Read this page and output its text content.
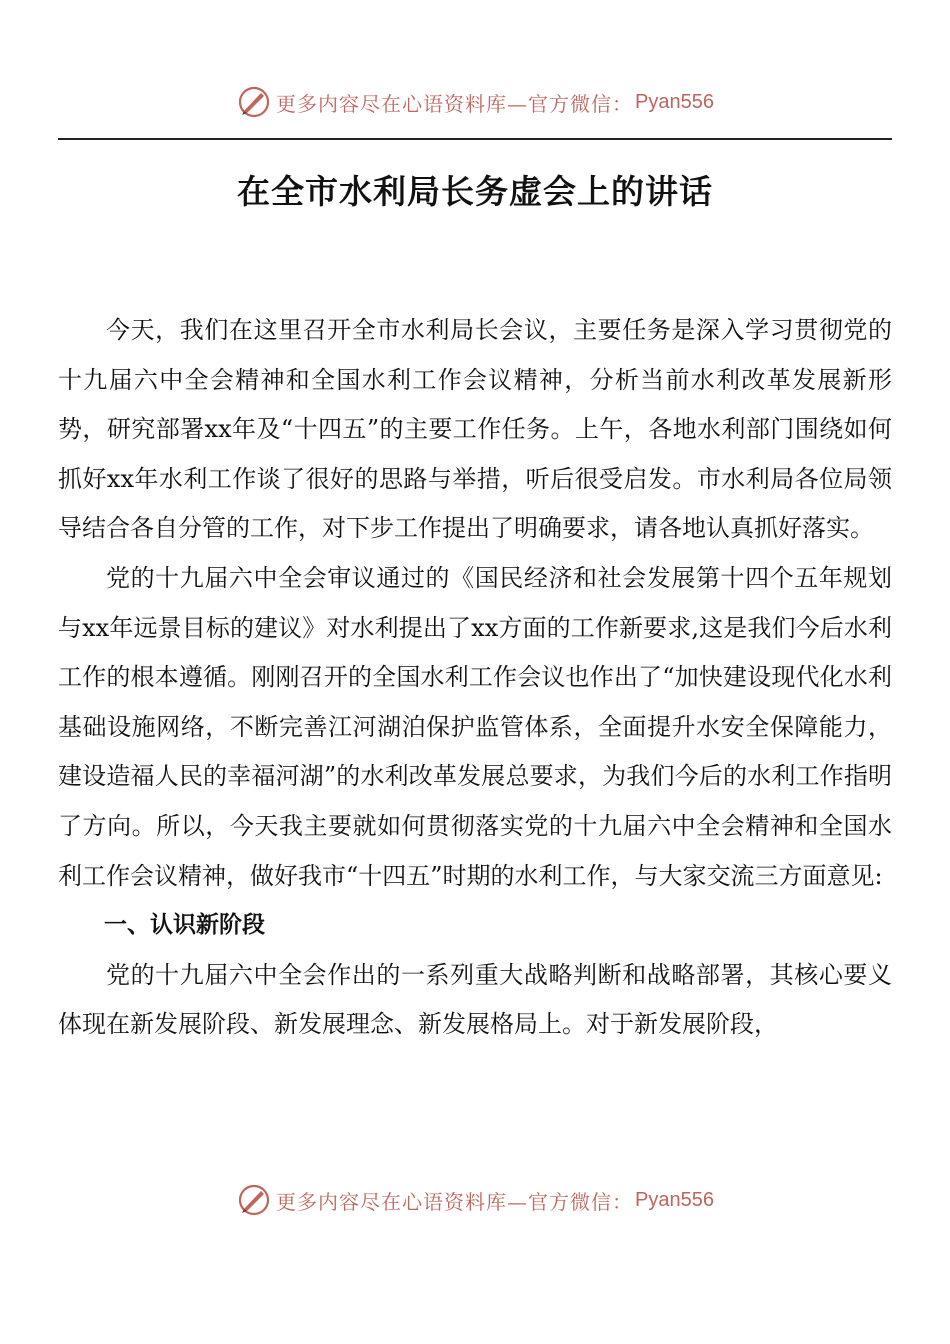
更多内容尽在心语资料库—官方微信： Pyan556
在全市水利局长务虚会上的讲话

今天，我们在这里召开全市水利局长会议，主要任务是深入学习贯彻党的十九届六中全会精神和全国水利工作会议精神，分析当前水利改革发展新形势，研究部署xx年及“十四五”的主要工作任务。上午，各地水利部门围绕如何抓好xx年水利工作谈了很好的思路与举措，听后很受启发。市水利局各位局领导结合各自分管的工作，对下步工作提出了明确要求，请各地认真抓好落实。

党的十九届六中全会审议通过的《国民经济和社会发展第十四个五年规划与xx年远景目标的建议》对水利提出了xx方面的工作新要求,这是我们今后水利工作的根本遵循。刚刚召开的全国水利工作会议也作出了“加快建设现代化水利基础设施网络，不断完善江河湖泊保护监管体系，全面提升水安全保障能力，建设造福人民的幸福河湖”的水利改革发展总要求，为我们今后的水利工作指明了方向。所以，今天我主要就如何贯彻落实党的十九届六中全会精神和全国水利工作会议精神，做好我市“十四五”时期的水利工作，与大家交流三方面意见:

一、认识新阶段

党的十九届六中全会作出的一系列重大战略判断和战略部署，其核心要义体现在新发展阶段、新发展理念、新发展格局上。对于新发展阶段，

更多内容尽在心语资料库—官方微信： Pyan556
